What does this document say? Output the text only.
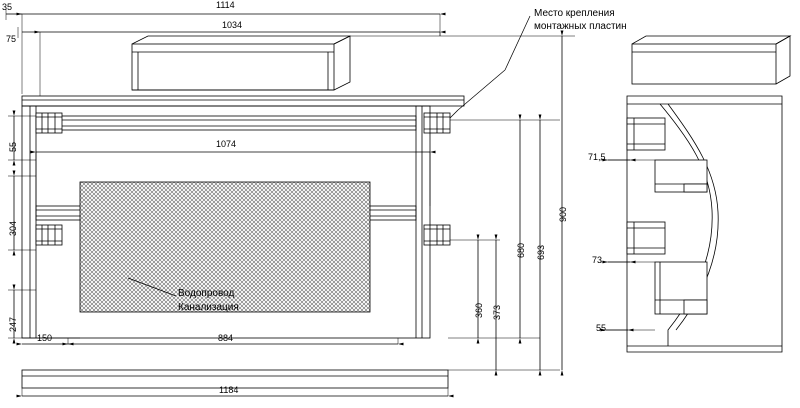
1114
1034
35
75
1074
884
150
1184
55
304
247
360 373
680 693
900
71,5
73
55
Место крепления
монтажных пластин
Водопровод
Канализация
